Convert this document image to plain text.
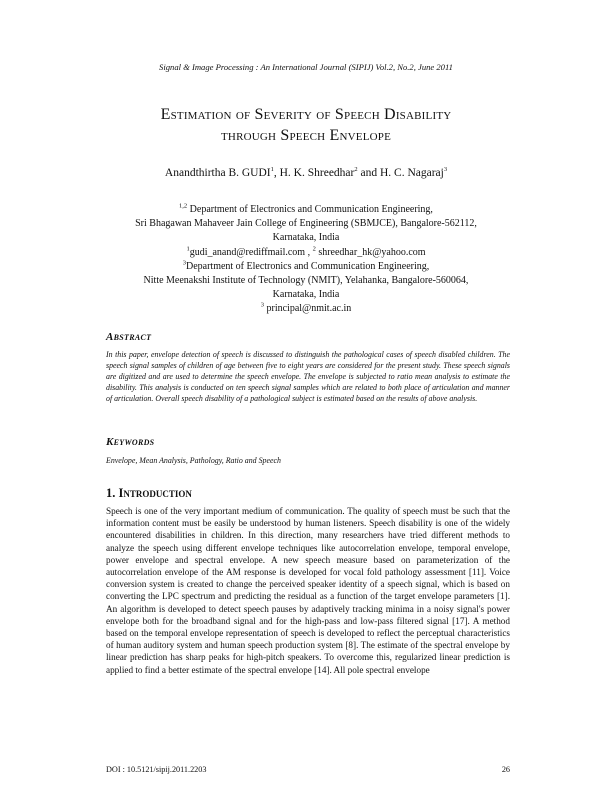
Signal & Image Processing : An International Journal (SIPIJ) Vol.2, No.2, June 2011
Estimation of Severity of Speech Disability
through Speech Envelope
Anandthirtha B. GUDI$^1$, H. K. Shreedhar$^2$ and H. C. Nagaraj$^3$
$^{1,2}$ Department of Electronics and Communication Engineering,
Sri Bhagawan Mahaveer Jain College of Engineering (SBMJCE), Bangalore-562112,
Karnataka, India
$^1$gudi_anand@rediffmail.com , $^2$ shreedhar_hk@yahoo.com
$^3$Department of Electronics and Communication Engineering,
Nitte Meenakshi Institute of Technology (NMIT), Yelahanka, Bangalore-560064,
Karnataka, India
$^3$ principal@nmit.ac.in
Abstract
In this paper, envelope detection of speech is discussed to distinguish the pathological cases of speech disabled children. The speech signal samples of children of age between five to eight years are considered for the present study. These speech signals are digitized and are used to determine the speech envelope. The envelope is subjected to ratio mean analysis to estimate the disability. This analysis is conducted on ten speech signal samples which are related to both place of articulation and manner of articulation. Overall speech disability of a pathological subject is estimated based on the results of above analysis.
Keywords
Envelope, Mean Analysis, Pathology, Ratio and Speech
1. Introduction

Speech is one of the very important medium of communication. The quality of speech must be such that the information content must be easily be understood by human listeners. Speech disability is one of the widely encountered disabilities in children. In this direction, many researchers have tried different methods to analyze the speech using different envelope techniques like autocorrelation envelope, temporal envelope, power envelope and spectral envelope. A new speech measure based on parameterization of the autocorrelation envelope of the AM response is developed for vocal fold pathology assessment [11]. Voice conversion system is created to change the perceived speaker identity of a speech signal, which is based on converting the LPC spectrum and predicting the residual as a function of the target envelope parameters [1]. An algorithm is developed to detect speech pauses by adaptively tracking minima in a noisy signal's power envelope both for the broadband signal and for the high-pass and low-pass filtered signal [17]. A method based on the temporal envelope representation of speech is developed to reflect the perceptual characteristics of human auditory system and human speech production system [8]. The estimate of the spectral envelope by linear prediction has sharp peaks for high-pitch speakers. To overcome this, regularized linear prediction is applied to find a better estimate of the spectral envelope [14]. All pole spectral envelope

DOI : 10.5121/sipij.2011.2203	26
